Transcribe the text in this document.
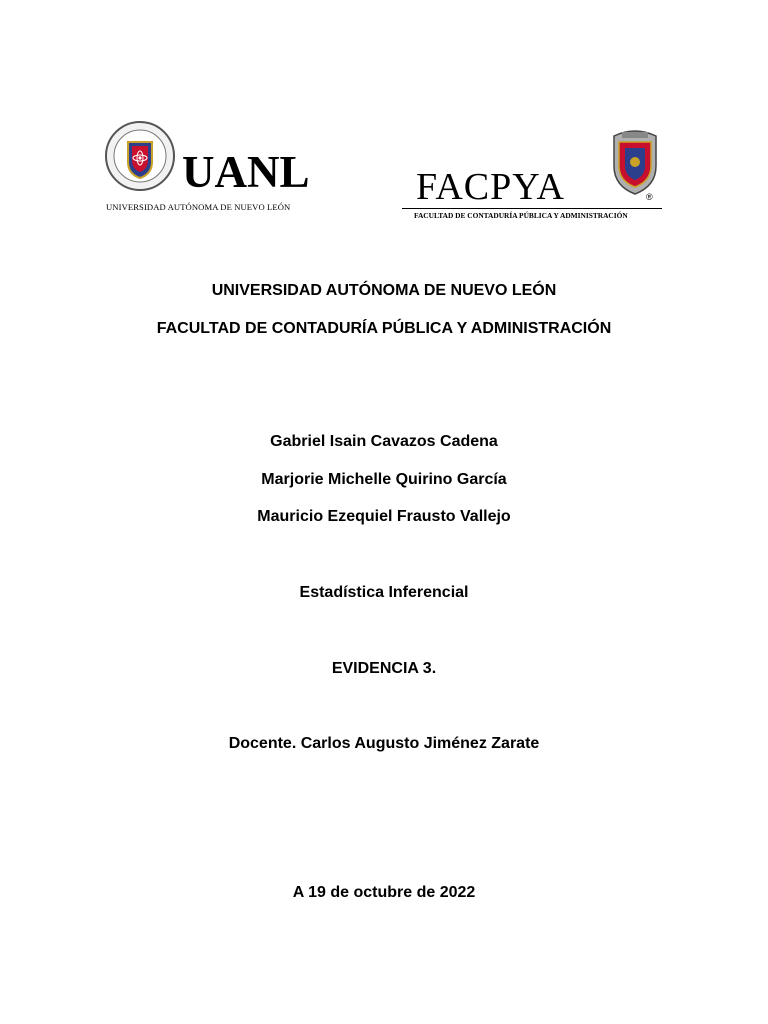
UANL
UNIVERSIDAD AUTÓNOMA DE NUEVO LEÓN	FACPYA	®
FACULTAD DE CONTADURÍA PÚBLICA Y ADMINISTRACIÓN
UNIVERSIDAD AUTÓNOMA DE NUEVO LEÓN
FACULTAD DE CONTADURÍA PÚBLICA Y ADMINISTRACIÓN
Gabriel Isain Cavazos Cadena
Marjorie Michelle Quirino García
Mauricio Ezequiel Frausto Vallejo
Estadística Inferencial
EVIDENCIA 3.
Docente. Carlos Augusto Jiménez Zarate
A 19 de octubre de 2022
